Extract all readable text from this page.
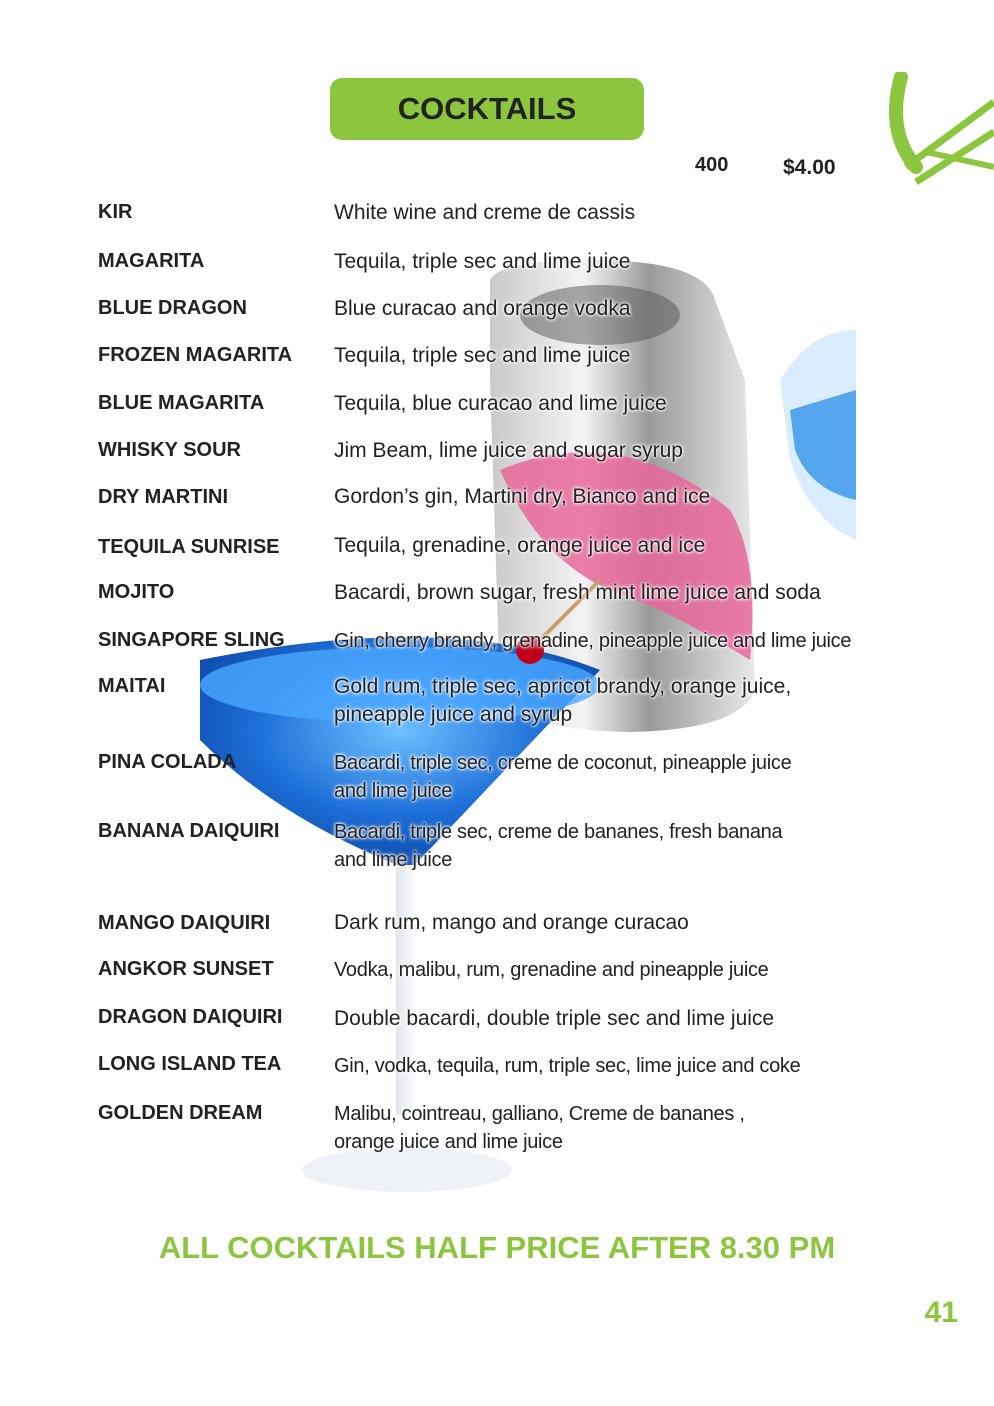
COCKTAILS
400	$4.00
KIR	White wine and creme de cassis
MAGARITA	Tequila, triple sec and lime juice
BLUE DRAGON	Blue curacao and orange vodka
FROZEN MAGARITA Tequila, triple sec and lime juice
BLUE MAGARITA	Tequila, blue curacao and lime juice
WHISKY SOUR	Jim Beam, lime juice and sugar syrup
DRY MARTINI	Gordon’s gin, Martini dry, Bianco and ice
TEQUILA SUNRISE	Tequila, grenadine, orange juice and ice
MOJITO	Bacardi, brown sugar, fresh mint lime juice and soda
SINGAPORE SLING Gin, cherry brandy, grenadine, pineapple juice and lime juice
MAITAI	Gold rum, triple sec, apricot brandy, orange juice,
pineapple juice and syrup
PINA COLADA	Bacardi, triple sec, creme de coconut, pineapple juice
and lime juice
BANANA DAIQUIRI	Bacardi, triple sec, creme de bananes, fresh banana
and lime juice
MANGO DAIQUIRI	Dark rum, mango and orange curacao
ANGKOR SUNSET	Vodka, malibu, rum, grenadine and pineapple juice
DRAGON DAIQUIRI Double bacardi, double triple sec and lime juice
LONG ISLAND TEA	Gin, vodka, tequila, rum, triple sec, lime juice and coke
GOLDEN DREAM	Malibu, cointreau, galliano, Creme de bananes ,
orange juice and lime juice
ALL COCKTAILS HALF PRICE AFTER 8.30 PM
41
